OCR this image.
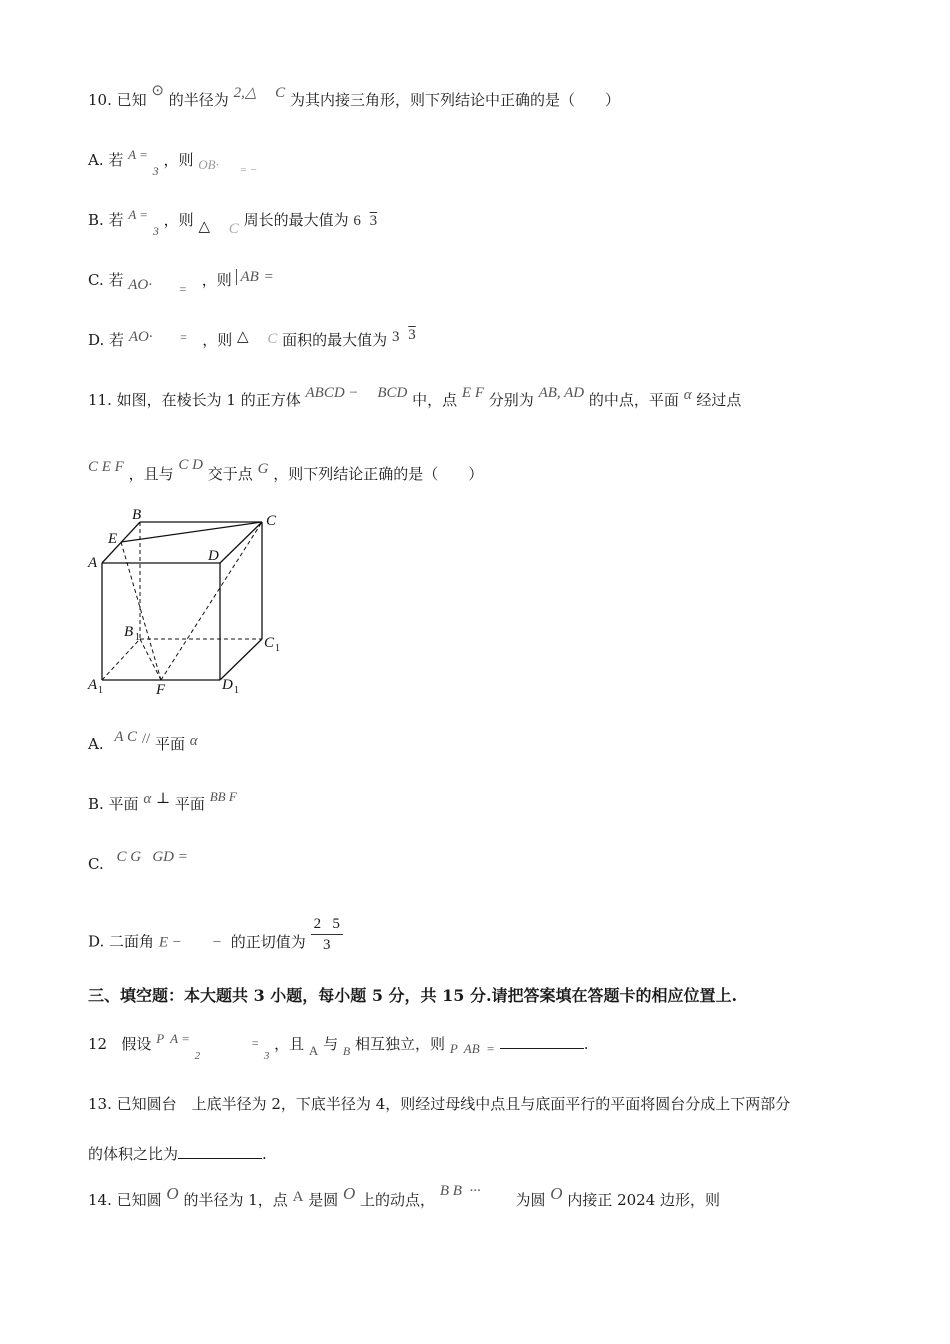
10. 已知 ⊙ 的半径为 2,△ C 为其内接三角形，则下列结论中正确的是（　　）
A. 若 A = $_3$ ，则 OB· $_{= -}$
B. 若 A = $_3$ ，则 △ C 周长的最大值为 6 3
C. 若 AO· $_=$ ，则 AB =
D. 若 AO· = ，则 △ C 面积的最大值为 3 3
11. 如图，在棱长为 1 的正方体 ABCD − BCD 中，点 E F 分别为 AB, AD 的中点，平面 α 经过点
C E F ，且与 C D 交于点 G ，则下列结论正确的是（　　）
B	C
E
A	D
B 1	C 1
A 1	F	D 1
A. A C // 平面 α
B. 平面 α ⊥ 平面 BB F
C. C G   GD =
D. 二面角 E −        − 的正切值为 $\frac{2 5}{3}$
三、填空题：本大题共 3 小题，每小题 5 分，共 15 分.请把答案填在答题卡的相应位置上.
12   假设 P  A = $_2$ = $_3$ ，且 A 与 $_B$ 相互独立，则 P  AB  =	.
13. 已知圆台　上底半径为 2，下底半径为 4，则经过母线中点且与底面平行的平面将圆台分成上下两部分
的体积之比为	.
14. 已知圆 O 的半径为 1，点 A 是圆 O 上的动点， B B  ··· 为圆 O 内接正 2024 边形，则
